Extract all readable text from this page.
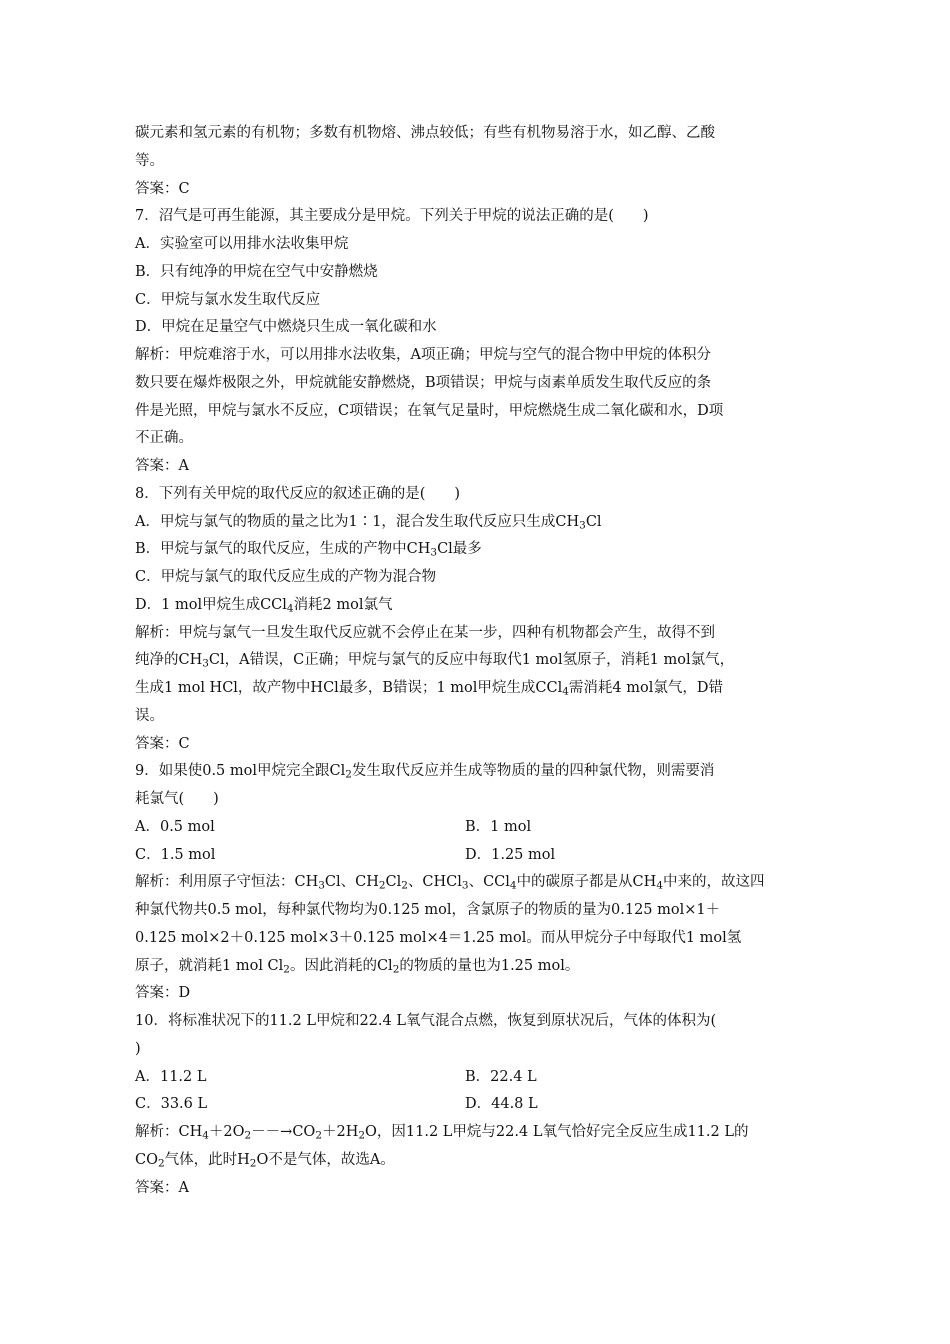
碳元素和氢元素的有机物；多数有机物熔、沸点较低；有些有机物易溶于水，如乙醇、乙酸
等。
答案：C
7．沼气是可再生能源，其主要成分是甲烷。下列关于甲烷的说法正确的是(　　)
A．实验室可以用排水法收集甲烷
B．只有纯净的甲烷在空气中安静燃烧
C．甲烷与氯水发生取代反应
D．甲烷在足量空气中燃烧只生成一氧化碳和水
解析：甲烷难溶于水，可以用排水法收集，A项正确；甲烷与空气的混合物中甲烷的体积分
数只要在爆炸极限之外，甲烷就能安静燃烧，B项错误；甲烷与卤素单质发生取代反应的条
件是光照，甲烷与氯水不反应，C项错误；在氧气足量时，甲烷燃烧生成二氧化碳和水，D项
不正确。
答案：A
8．下列有关甲烷的取代反应的叙述正确的是(　　)
A．甲烷与氯气的物质的量之比为1∶1，混合发生取代反应只生成$CH_3Cl$
B．甲烷与氯气的取代反应，生成的产物中$CH_3Cl$最多
C．甲烷与氯气的取代反应生成的产物为混合物
D．1 mol甲烷生成CCl$_4$消耗2 mol氯气
解析：甲烷与氯气一旦发生取代反应就不会停止在某一步，四种有机物都会产生，故得不到
纯净的$CH_3Cl$，A错误，C正确；甲烷与氯气的反应中每取代1 mol氢原子，消耗1 mol氯气，
生成1 mol HCl，故产物中HCl最多，B错误；1 mol甲烷生成CCl$_4$需消耗4 mol氯气，D错
误。
答案：C
9．如果使0.5 mol甲烷完全跟$Cl_2$发生取代反应并生成等物质的量的四种氯代物，则需要消
耗氯气(　　)
A．0.5 mol	B．1 mol
C．1.5 mol	D．1.25 mol
解析：利用原子守恒法：$CH_3Cl$、$CH_2Cl_2$、CHCl$_3$、CCl$_4$中的碳原子都是从$CH_4$中来的，故这四
种氯代物共0.5 mol，每种氯代物均为0.125 mol，含氯原子的物质的量为0.125 mol×1＋
0.125 mol×2＋0.125 mol×3＋0.125 mol×4＝1.25 mol。而从甲烷分子中每取代1 mol氢
原子，就消耗1 mol $Cl_2$。因此消耗的$Cl_2$的物质的量也为1.25 mol。
答案：D
10．将标准状况下的11.2 L甲烷和22.4 L氧气混合点燃，恢复到原状况后，气体的体积为(
)
A．11.2 L	B．22.4 L
C．33.6 L	D．44.8 L
解析：$CH_4+2O_2--\to CO_2+2H_2O$，因11.2 L甲烷与22.4 L氧气恰好完全反应生成11.2 L的
$CO_2$气体，此时$H_2O$不是气体，故选A。
答案：A
